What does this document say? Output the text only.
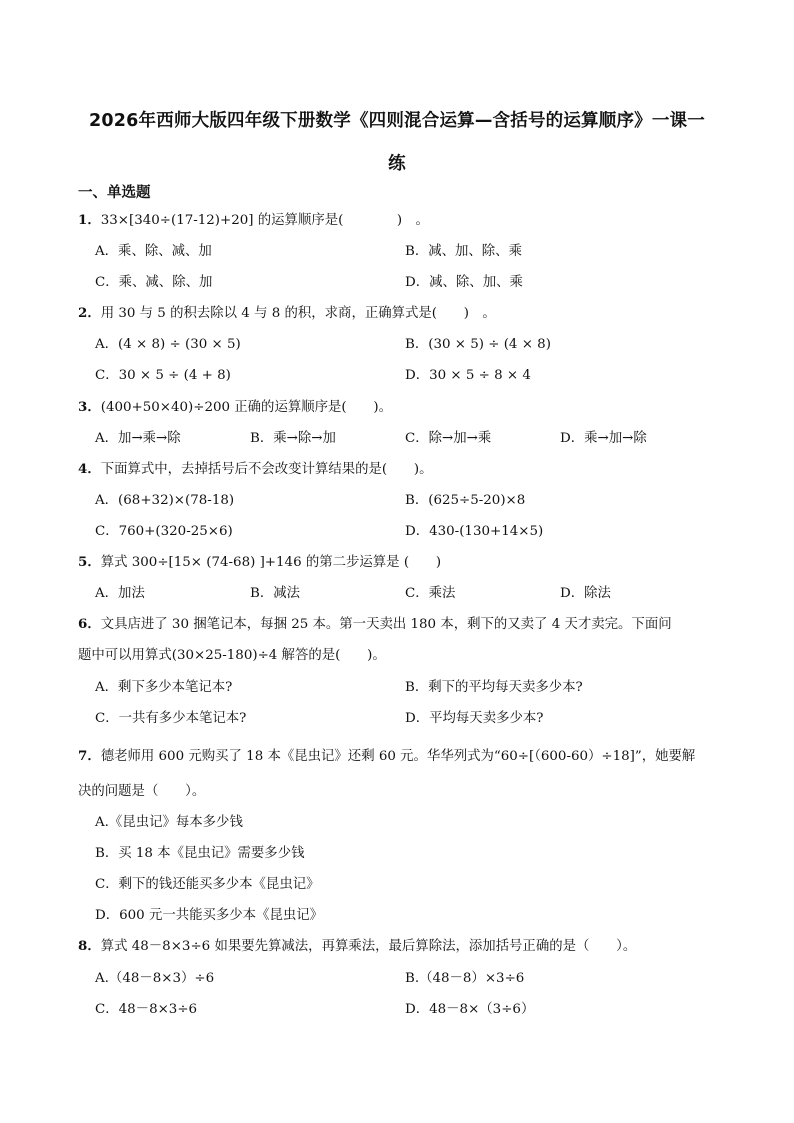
2026年西师大版四年级下册数学《四则混合运算—含括号的运算顺序》一课一
练
一、单选题
1．33×[340÷(17-12)+20] 的运算顺序是(　　　　)　。
A．乘、除、减、加	B．减、加、除、乘
C．乘、减、除、加	D．减、除、加、乘
2．用 30 与 5 的积去除以 4 与 8 的积，求商，正确算式是(　　)　。
A．(4 × 8) ÷ (30 × 5)	B．(30 × 5) ÷ (4 × 8)
C．30 × 5 ÷ (4 + 8)	D．30 × 5 ÷ 8 × 4
3．(400+50×40)÷200 正确的运算顺序是(　　)。
A．加→乘→除	B．乘→除→加	C．除→加→乘	D．乘→加→除
4．下面算式中，去掉括号后不会改变计算结果的是(　　)。
A．(68+32)×(78-18)	B．(625÷5-20)×8
C．760+(320-25×6)	D．430-(130+14×5)
5．算式 300÷[15× (74-68) ]+146 的第二步运算是 (　　)
A．加法	B．减法	C．乘法	D．除法
6．文具店进了 30 捆笔记本，每捆 25 本。第一天卖出 180 本，剩下的又卖了 4 天才卖完。下面问
题中可以用算式(30×25-180)÷4 解答的是(　　)。
A．剩下多少本笔记本?	B．剩下的平均每天卖多少本?
C．一共有多少本笔记本?	D．平均每天卖多少本?
7．德老师用 600 元购买了 18 本《昆虫记》还剩 60 元。华华列式为“60÷[（600-60）÷18]”，她要解
决的问题是（　　）。
A.《昆虫记》每本多少钱
B．买 18 本《昆虫记》需要多少钱
C．剩下的钱还能买多少本《昆虫记》
D．600 元一共能买多少本《昆虫记》
8．算式 48－8×3÷6 如果要先算减法，再算乘法，最后算除法，添加括号正确的是（　　）。
A.（48－8×3）÷6	B.（48－8）×3÷6
C．48－8×3÷6	D．48－8×（3÷6）
